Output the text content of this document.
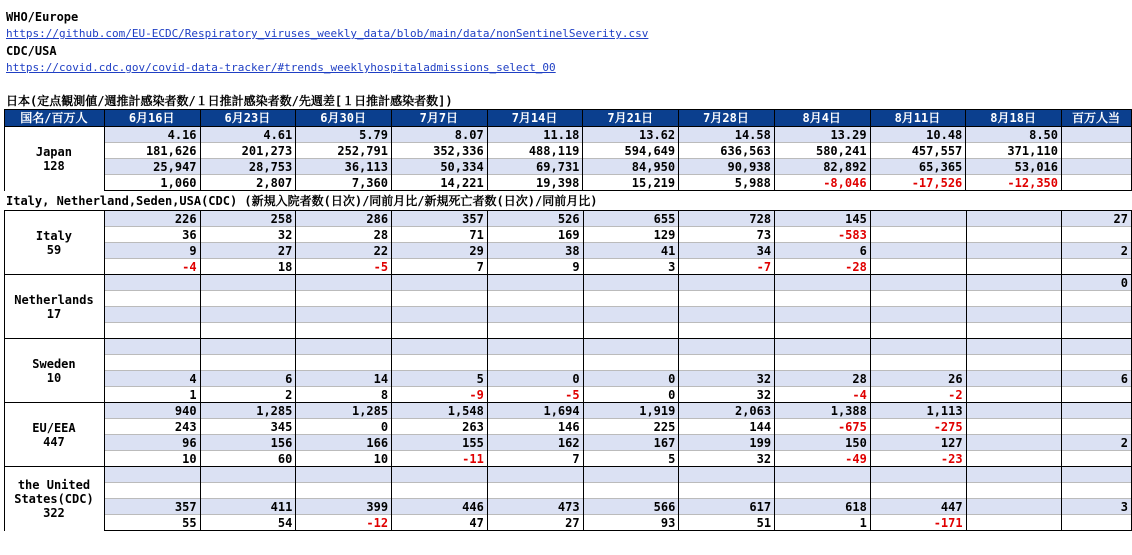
WHO/Europe
https://github.com/EU-ECDC/Respiratory_viruses_weekly_data/blob/main/data/nonSentinelSeverity.csv
CDC/USA
https://covid.cdc.gov/covid-data-tracker/#trends_weeklyhospitaladmissions_select_00
日本(定点観測値/週推計感染者数/１日推計感染者数/先週差[１日推計感染者数])
国名/百万人	6月16日	6月23日	6月30日	7月7日	7月14日	7月21日	7月28日	8月4日	8月11日	8月18日	百万人当

Japan
128	4.16	4.61	5.79	8.07	11.18	13.62	14.58	13.29	10.48	8.50	
	181,626	201,273	252,791	352,336	488,119	594,649	636,563	580,241	457,557	371,110	
	25,947	28,753	36,113	50,334	69,731	84,950	90,938	82,892	65,365	53,016	
	1,060	2,807	7,360	14,221	19,398	15,219	5,988	-8,046	-17,526	-12,350	
Italy, Netherland,Seden,USA(CDC) (新規入院者数(日次)/同前月比/新規死亡者数(日次)/同前月比)
Italy
59	226	258	286	357	526	655	728	145			27
	36	32	28	71	169	129	73	-583			
	9	27	22	29	38	41	34	6			2
	-4	18	-5	7	9	3	-7	-28			

Netherlands
17											0

Sweden
10											

	4	6	14	5	0	0	32	28	26		6
	1	2	8	-9	-5	0	32	-4	-2		

EU/EEA
447	940	1,285	1,285	1,548	1,694	1,919	2,063	1,388	1,113		
	243	345	0	263	146	225	144	-675	-275		
	96	156	166	155	162	167	199	150	127		2
	10	60	10	-11	7	5	32	-49	-23		

the United
States(CDC)
322											

	357	411	399	446	473	566	617	618	447		3
	55	54	-12	47	27	93	51	1	-171		
